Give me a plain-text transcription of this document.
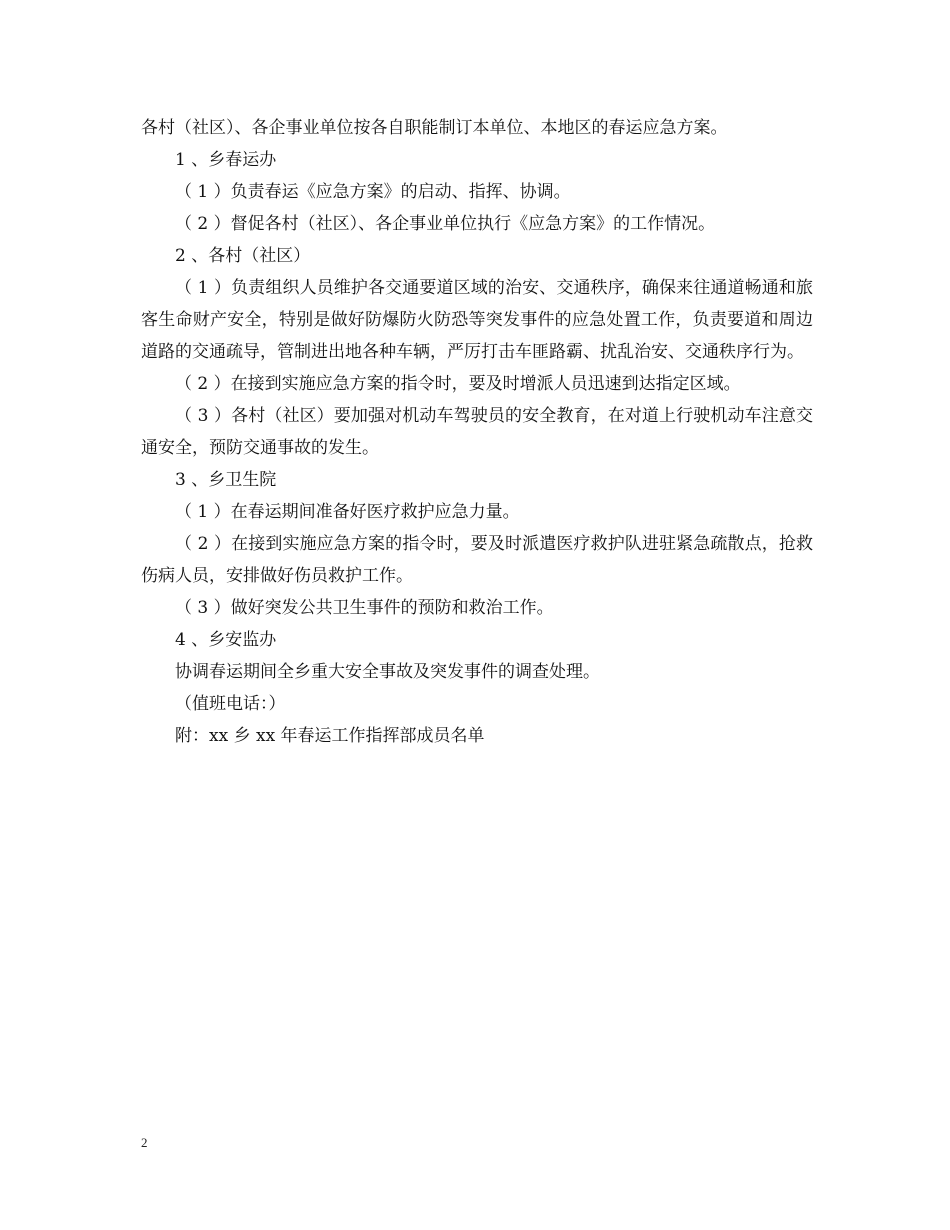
各村（社区）、各企事业单位按各自职能制订本单位、本地区的春运应急方案。

1 、乡春运办

（ 1 ）负责春运《应急方案》的启动、指挥、协调。

（ 2 ）督促各村（社区）、各企事业单位执行《应急方案》的工作情况。

2 、各村（社区）

（ 1 ）负责组织人员维护各交通要道区域的治安、交通秩序，确保来往通道畅通和旅客生命财产安全，特别是做好防爆防火防恐等突发事件的应急处置工作，负责要道和周边道路的交通疏导，管制进出地各种车辆，严厉打击车匪路霸、扰乱治安、交通秩序行为。

（ 2 ）在接到实施应急方案的指令时，要及时增派人员迅速到达指定区域。

（ 3 ）各村（社区）要加强对机动车驾驶员的安全教育，在对道上行驶机动车注意交通安全，预防交通事故的发生。

3 、乡卫生院

（ 1 ）在春运期间准备好医疗救护应急力量。

（ 2 ）在接到实施应急方案的指令时，要及时派遣医疗救护队进驻紧急疏散点，抢救伤病人员，安排做好伤员救护工作。

（ 3 ）做好突发公共卫生事件的预防和救治工作。

4 、乡安监办

协调春运期间全乡重大安全事故及突发事件的调查处理。

（值班电话：）

附：xx 乡 xx 年春运工作指挥部成员名单

2
